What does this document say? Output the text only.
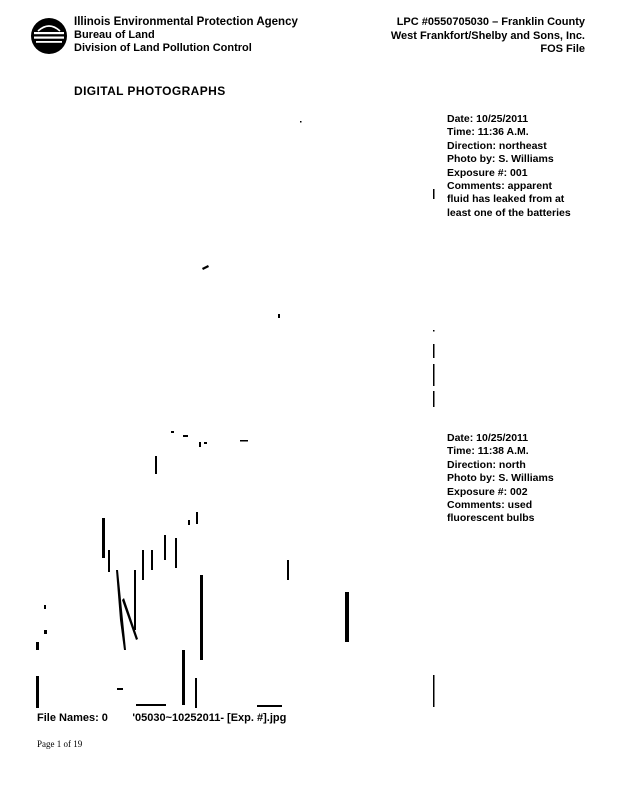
Illinois Environmental Protection Agency
Bureau of Land
Division of Land Pollution Control
LPC #0550705030 – Franklin County
West Frankfort/Shelby and Sons, Inc.
FOS File
DIGITAL PHOTOGRAPHS
Date: 10/25/2011
Time: 11:36 A.M.
Direction: northeast
Photo by: S. Williams
Exposure #: 001
Comments: apparent fluid has leaked from at least one of the batteries
Date: 10/25/2011
Time: 11:38 A.M.
Direction: north
Photo by: S. Williams
Exposure #: 002
Comments: used fluorescent bulbs
File Names: 0        '05030~10252011- [Exp. #].jpg
Page 1 of 19
